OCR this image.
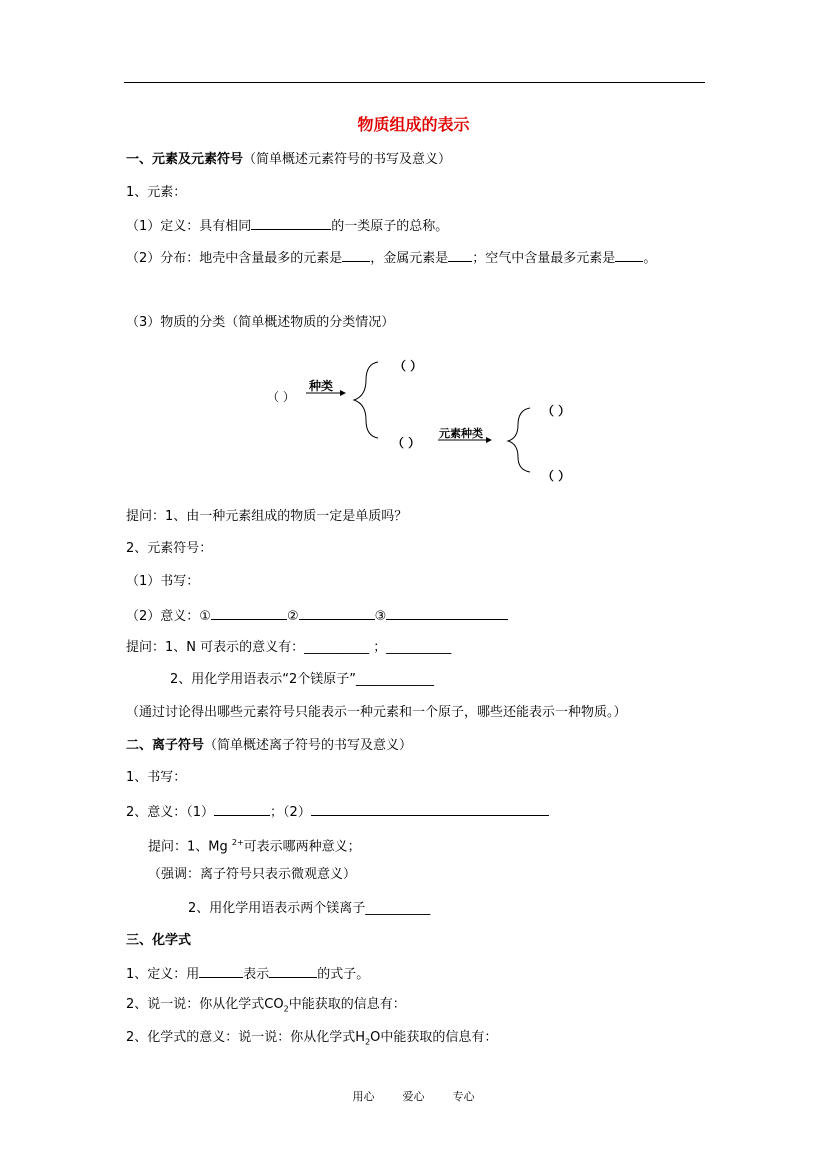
物质组成的表示
一、元素及元素符号（简单概述元素符号的书写及意义）
1、元素：
（1）定义：具有相同	的一类原子的总称。
（2）分布：地壳中含量最多的元素是 ，金属元素是 ；空气中含量最多元素是 。
（3）物质的分类（简单概述物质的分类情况）
（ ）
种类
（ ）
（ ）
元素种类
（ ）
（ ）
提问：1、由一种元素组成的物质一定是单质吗？
2、元素符号：
（1）书写：
（2）意义：①	②	③
提问：1、N 可表示的意义有：__________ ；__________
2、用化学用语表示“2个镁原子”____________
（通过讨论得出哪些元素符号只能表示一种元素和一个原子，哪些还能表示一种物质。）
二、离子符号（简单概述离子符号的书写及意义）
1、书写：
2、意义：（1）	；（2）
提问：1、Mg $^{2+}$可表示哪两种意义；
（强调：离子符号只表示微观意义）
2、用化学用语表示两个镁离子__________
三、化学式
1、定义：用	表示	的式子。
2、说一说：你从化学式$CO_2$中能获取的信息有：
2、化学式的意义：说一说：你从化学式$H_2O$中能获取的信息有：
用心	爱心	专心
